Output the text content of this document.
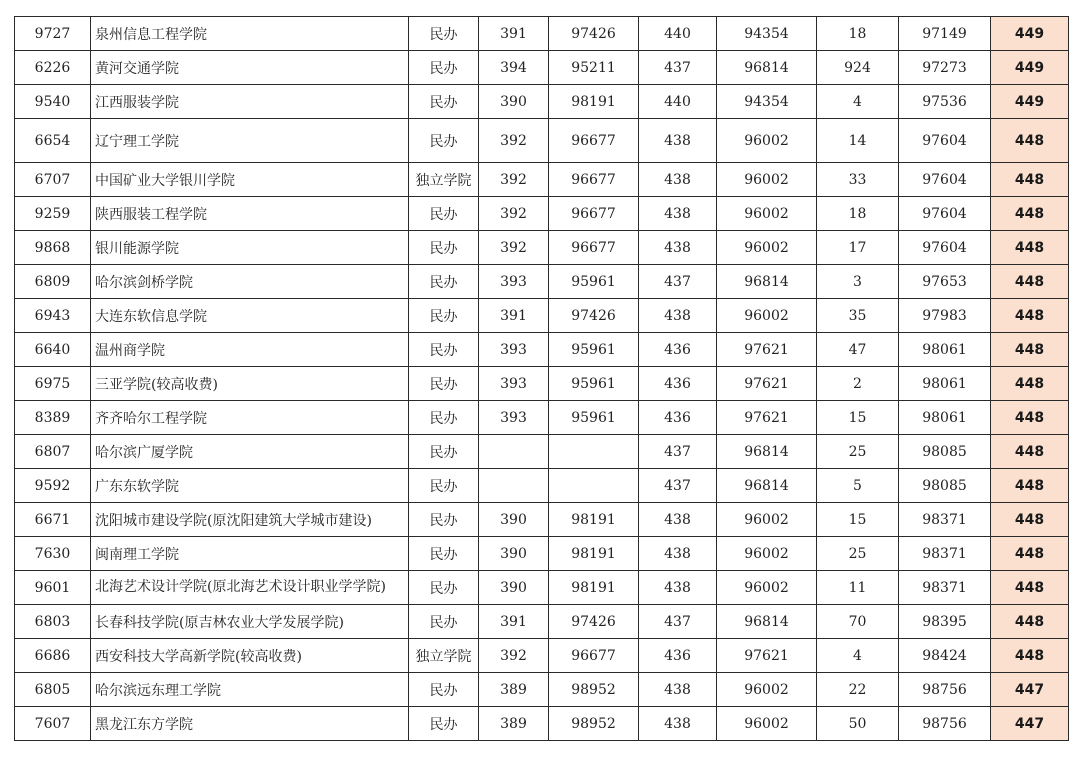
9727	泉州信息工程学院	民办	391	97426	440	94354	18	97149	449
6226	黄河交通学院	民办	394	95211	437	96814	924	97273	449
9540	江西服装学院	民办	390	98191	440	94354	4	97536	449
6654	辽宁理工学院	民办	392	96677	438	96002	14	97604	448
6707	中国矿业大学银川学院	独立学院	392	96677	438	96002	33	97604	448
9259	陕西服装工程学院	民办	392	96677	438	96002	18	97604	448
9868	银川能源学院	民办	392	96677	438	96002	17	97604	448
6809	哈尔滨剑桥学院	民办	393	95961	437	96814	3	97653	448
6943	大连东软信息学院	民办	391	97426	438	96002	35	97983	448
6640	温州商学院	民办	393	95961	436	97621	47	98061	448
6975	三亚学院(较高收费)	民办	393	95961	436	97621	2	98061	448
8389	齐齐哈尔工程学院	民办	393	95961	436	97621	15	98061	448
6807	哈尔滨广厦学院	民办			437	96814	25	98085	448
9592	广东东软学院	民办			437	96814	5	98085	448
6671	沈阳城市建设学院(原沈阳建筑大学城市建设)	民办	390	98191	438	96002	15	98371	448
7630	闽南理工学院	民办	390	98191	438	96002	25	98371	448
9601	北海艺术设计学院(原北海艺术设计职业学学院)	民办	390	98191	438	96002	11	98371	448
6803	长春科技学院(原吉林农业大学发展学院)	民办	391	97426	437	96814	70	98395	448
6686	西安科技大学高新学院(较高收费)	独立学院	392	96677	436	97621	4	98424	448
6805	哈尔滨远东理工学院	民办	389	98952	438	96002	22	98756	447
7607	黑龙江东方学院	民办	389	98952	438	96002	50	98756	447
